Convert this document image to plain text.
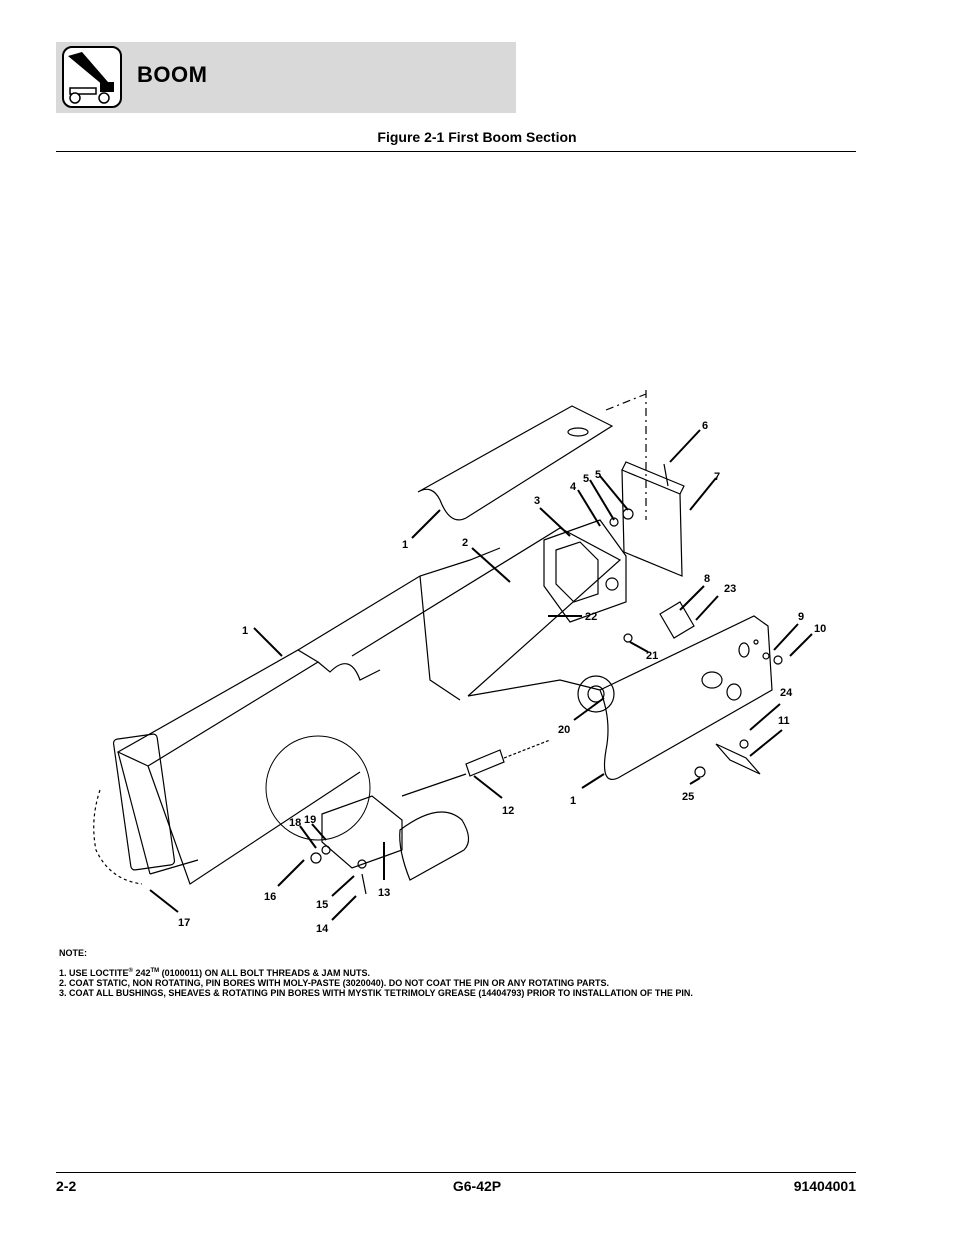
BOOM
Figure 2-1 First Boom Section
1	2
3
4
5 5
6
7
8
23
9
10
24
11
25
1
20
21
22
1
12
13
14
15
16
17
18 19
1
NOTE:
1. USE LOCTITE® 242™ (0100011) ON ALL BOLT THREADS & JAM NUTS.
2. COAT STATIC, NON ROTATING, PIN BORES WITH MOLY-PASTE (3020040). DO NOT COAT THE PIN OR ANY ROTATING PARTS.
3. COAT ALL BUSHINGS, SHEAVES & ROTATING PIN BORES WITH MYSTIK TETRIMOLY GREASE (14404793) PRIOR TO INSTALLATION OF THE PIN.
2-2	G6-42P	91404001
